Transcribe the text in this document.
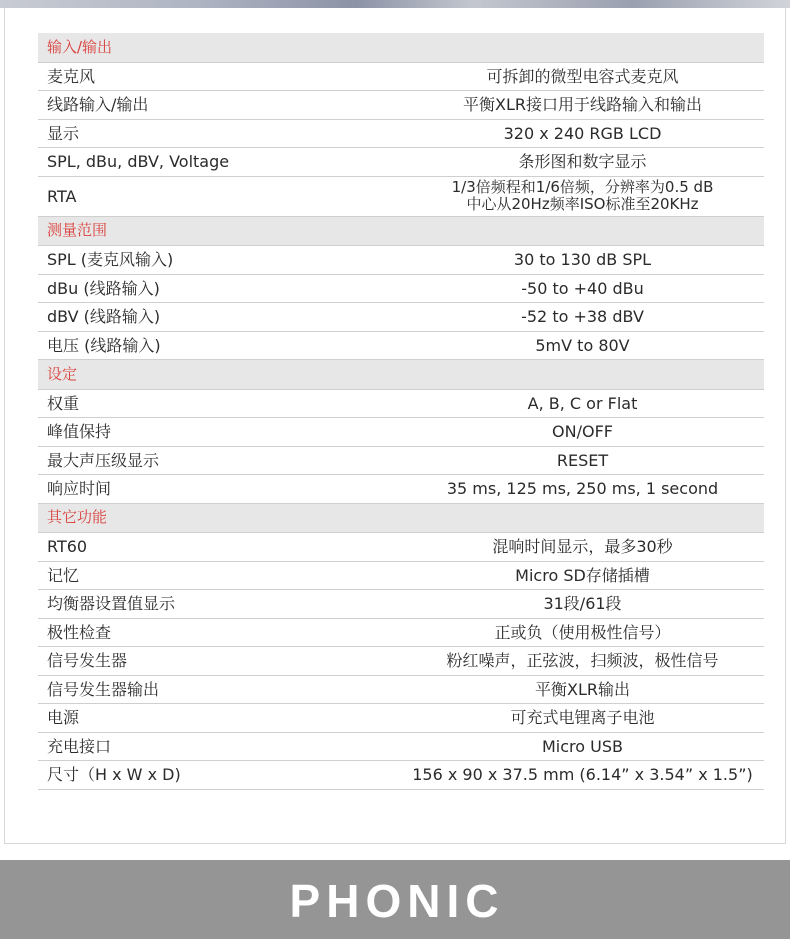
输入/输出	
麦克风	可拆卸的微型电容式麦克风
线路输入/输出	平衡XLR接口用于线路输入和输出
显示	320 x 240 RGB LCD
SPL, dBu, dBV, Voltage	条形图和数字显示
RTA	1/3倍频程和1/6倍频，分辨率为0.5 dB
中心从20Hz频率ISO标准至20KHz

测量范围	
SPL (麦克风输入)	30 to 130 dB SPL
dBu (线路输入)	-50 to +40 dBu
dBV (线路输入)	-52 to +38 dBV
电压 (线路输入)	5mV to 80V
设定	
权重	A, B, C or Flat
峰值保持	ON/OFF
最大声压级显示	RESET
响应时间	35 ms, 125 ms, 250 ms, 1 second
其它功能	
RT60	混响时间显示，最多30秒
记忆	Micro SD存储插槽
均衡器设置值显示	31段/61段
极性检查	正或负（使用极性信号）
信号发生器	粉红噪声，正弦波，扫频波，极性信号
信号发生器输出	平衡XLR输出
电源	可充式电锂离子电池
充电接口	Micro USB
尺寸（H x W x D)	156 x 90 x 37.5 mm (6.14” x 3.54” x 1.5”)
PHONIC
